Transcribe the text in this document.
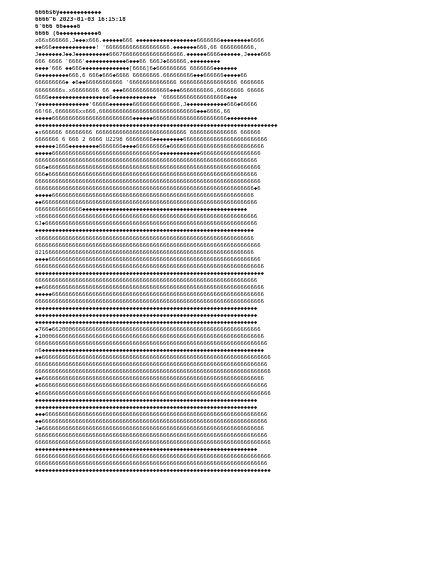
6666s6y◆◆◆◆◆◆◆◆◆◆◆◆
6666^6 2023-01-03 16:15:18
6'666 66◆◆◆◆6
6666 (6◆◆◆◆◆◆◆◆◆◆◆6
x66s666666,J◆◆◆x666.◆◆◆◆◆◆666 ◆◆◆◆◆◆◆◆◆◆◆◆◆◆◆◆◆◆6666666◆◆◆◆◆◆◆◆◆6666
◆◆666◆◆◆◆◆◆◆◆◆◆◆◆◆! '6666666666666666666.◆◆◆◆◆◆◆666,66 6666666666,
J◆◆◆◆◆◆◆J◆◆J◆◆◆◆◆◆◆◆◆◆6667666666666666666666.◆◆◆◆◆◆6666◆◆◆◆◆◆,J◆◆◆◆666
666 6666 '6666'◆◆◆◆◆◆◆◆◆◆◆◆6◆◆◆66 666J◆666666,◆◆◆◆◆◆◆◆◆
◆◆◆◆'666 ◆◆666◆◆◆◆◆◆◆◆◆◆◆◆◆◆[6666]6◆666666666 6666666◆◆◆◆◆◆◆
6◆◆◆◆◆◆◆◆◆666,6 666◆666◆6666 66666666.666666666◆◆◆666666◆◆◆◆◆66
666666666◆ ◆6◆◆66666666666 '66666666666666 66666666666666666 6666666
66666666s.x66666666 66 ◆◆◆66666666666666◆◆◆6666666666,66666666 66666
6666◆◆◆◆◆◆◆◆◆◆◆◆◆◆◆◆◆◆6◆◆◆◆◆◆◆◆◆◆◆◆◆ '6666666666666666666◆◆◆
Y◆◆◆◆◆◆◆◆◆◆◆◆◆◆◆'66666◆◆◆◆◆◆◆66666666666666,J◆◆◆◆◆◆◆◆◆◆◆◆666◆66666
66!66,6666666xx666,66666666666666666666666666666◆◆◆6666,66
◆◆◆◆◆666666666666666666666666◆◆◆◆◆◆6666666666666666666666◆◆◆◆◆◆◆◆◆
◆◆◆◆◆◆◆◆◆◆◆◆◆◆◆◆◆◆◆◆◆◆◆◆◆◆◆◆◆◆◆◆◆◆◆◆◆◆◆◆◆◆◆◆◆◆◆◆◆◆◆◆◆◆◆◆◆◆◆◆◆◆◆◆◆◆◆◆◆◆◆◆
◆s666666 66666666 666666666666666666666666666 66666666666666 666666
6666666 6 666 2 6666 U2298 66666666◆◆◆◆◆◆◆◆◆6666666666666666666666666
◆◆◆◆◆◆1666◆◆◆◆◆◆◆◆◆6666666◆◆◆◆666666666◆6666666666666666666666666666
◆◆◆◆◆66666666666666666666666666666666◆◆◆◆◆◆◆◆◆◆◆◆666666666666666666
666666666666666666666666666666666666666666666666666666666666666666
666◆666666666666666666666666666666666666666666666666666666666666666
666◆66666666666666666666666666666666666666666666666666666666666666
6666666666666666666666666666666666666666666666666666666666666666666
66666666666666666666666666666666666666666666666666666666666666666◆6
◆◆◆◆◆666666666666666666666666666666666666666666666666666666666666
◆◆6666666666666666666666666666666666666666666666666666666666666666
66666666666666◆◆◆◆◆◆◆◆◆◆◆◆◆◆◆◆◆◆◆◆◆◆◆◆◆◆◆◆◆◆◆◆◆◆◆◆◆◆◆◆◆◆◆◆◆◆◆◆◆
x66666666666666666666666666666666666666666666666666666666666666666
6J◆666666666666666666666666666666666666666666666666666666666666666
◆◆◆◆◆◆◆◆◆◆◆◆◆◆◆◆◆◆◆◆◆◆◆◆◆◆◆◆◆◆◆◆◆◆◆◆◆◆◆◆◆◆◆◆◆◆◆◆◆◆◆◆◆◆◆◆◆◆◆◆◆◆◆◆◆
x6666666666666666666666666666666666666666666666666666666666666666
6666666666666666666666666666666666666666666666666666666666666666666
82166666666666666666666666666666666666666666666666666666666666666
◆◆◆◆666666666666666666666666666666666666666666666666666666666666666
66666666666666666666666666666666666666666666666666666666666666666666
◆◆◆◆◆◆◆◆◆◆◆◆◆◆◆◆◆◆◆◆◆◆◆◆◆◆◆◆◆◆◆◆◆◆◆◆◆◆◆◆◆◆◆◆◆◆◆◆◆◆◆◆◆◆◆◆◆◆◆◆◆◆◆◆◆◆◆◆
666666666666666666666666666666666666666666666666666666666666666666
◆◆666666666666666666666666666666666666666666666666666666666666666666
◆◆◆◆◆666666666666666666666666666666666666666666666666666666666666666
66666666666666666666666666666666666666666666666666666666666666666666
◆◆◆◆◆◆◆◆◆◆◆◆◆◆◆◆◆◆◆◆◆◆◆◆◆◆◆◆◆◆◆◆◆◆◆◆◆◆◆◆◆◆◆◆◆◆◆◆◆◆◆◆◆◆◆◆◆◆◆◆◆◆◆◆◆◆
◆◆◆◆◆◆◆◆◆◆◆◆◆◆◆◆◆◆◆◆◆◆◆◆◆◆◆◆◆◆◆◆◆◆◆◆◆◆◆◆◆◆◆◆◆◆◆◆◆◆◆◆◆◆◆◆◆◆◆◆◆◆◆◆◆◆
◆◆◆◆◆◆◆◆◆◆◆◆◆◆◆◆◆◆◆◆◆◆◆◆◆◆◆◆◆◆◆◆◆◆◆◆◆◆◆◆◆◆◆◆◆◆◆◆◆◆◆◆◆◆◆◆◆◆◆◆◆◆◆◆◆◆
◆766◆66200066666666666666666666666666666666666666666666666666666666
◆1000666666666666666666666666666666666666666666666666666666666666666
666666666666666666666666666666666666666666666666666666666666666666666
n6◆◆◆◆◆◆◆◆◆◆◆◆◆◆◆◆◆◆◆◆◆◆◆◆◆◆◆◆◆◆◆◆◆◆◆◆◆◆◆◆◆◆◆◆◆◆◆◆◆◆◆◆◆◆◆◆◆◆◆◆◆◆◆◆◆◆
◆◆66666666666666666666666666666666666666666666666666666666666666666666
666666666666666666666666666666666666666666666666666666666666666666666
6666666666666666666666666666666666666666666666666666666666666666666666
◆◆666666666666666666666666666666666666666666666666666666666666666666
◆66666666666666666666666666666666666666666666666666666666666666666666
◆666666666666666666666666666666666666666666666666666666666666666666666
◆◆◆◆◆◆◆◆◆◆◆◆◆◆◆◆◆◆◆◆◆◆◆◆◆◆◆◆◆◆◆◆◆◆◆◆◆◆◆◆◆◆◆◆◆◆◆◆◆◆◆◆◆◆◆◆◆◆◆◆◆◆◆◆◆◆
◆◆◆◆◆◆◆◆◆◆◆◆◆◆◆◆◆◆◆◆◆◆◆◆◆◆◆◆◆◆◆◆◆◆◆◆◆◆◆◆◆◆◆◆◆◆◆◆◆◆◆◆◆◆◆◆◆◆◆◆◆◆◆◆◆◆
◆◆◆666666666666666666666666666666666666666666666666666666666666666666
◆◆6666666666666666666666666666666666666666666666666666666666666666666
J◆666666666666666666666666666666666666666666666666666666666666666666
666666666666666666666666666666666666666666666666666666666666666666666
6666666666666666666666666666666666666666666666666666666666666666666666
◆◆◆◆◆◆◆◆◆◆◆◆◆◆◆◆◆◆◆◆◆◆◆◆◆◆◆◆◆◆◆◆◆◆◆◆◆◆◆◆◆◆◆◆◆◆◆◆◆◆◆◆◆◆◆◆◆◆◆◆◆◆◆◆◆◆
6666666666666666666666666666666666666666666666666666666666666666666666
666666666666666666666666666666666666666666666666666666666666666666666
◆◆◆◆◆◆◆◆◆◆◆◆◆◆◆◆◆◆◆◆◆◆◆◆◆◆◆◆◆◆◆◆◆◆◆◆◆◆◆◆◆◆◆◆◆◆◆◆◆◆◆◆◆◆◆◆◆◆◆◆◆◆◆◆◆◆◆◆◆◆
